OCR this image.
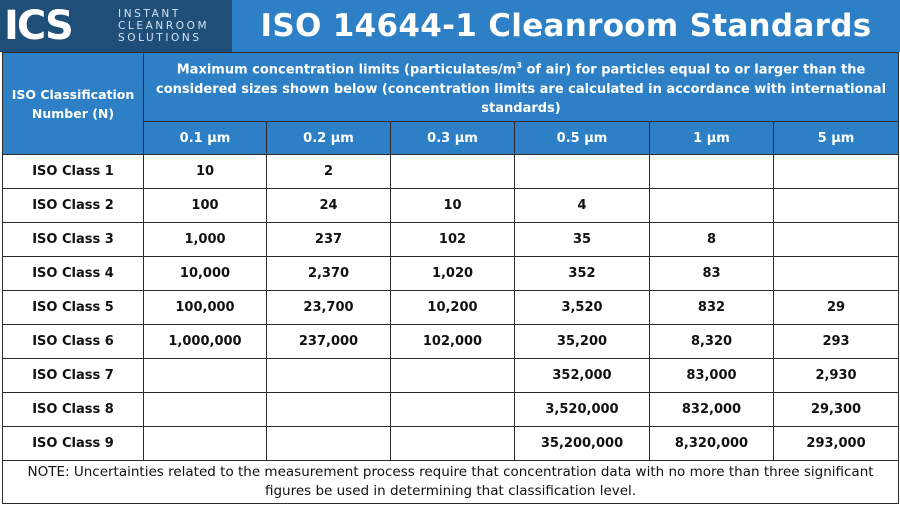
ICS	INSTANT
CLEANROOM
SOLUTIONS	ISO 14644-1 Cleanroom Standards
ISO Classification
Number (N)	Maximum concentration limits ($particulates/m^3$ of air) for particles equal to or larger than the considered sizes shown below (concentration limits are calculated in accordance with international standards)					
	0.1 µm	0.2 µm	0.3 µm	0.5 µm	1 µm	5 µm
ISO Class 1	10	2				
ISO Class 2	100	24	10	4		
ISO Class 3	1,000	237	102	35	8	
ISO Class 4	10,000	2,370	1,020	352	83	
ISO Class 5	100,000	23,700	10,200	3,520	832	29
ISO Class 6	1,000,000	237,000	102,000	35,200	8,320	293
ISO Class 7				352,000	83,000	2,930
ISO Class 8				3,520,000	832,000	29,300
ISO Class 9				35,200,000	8,320,000	293,000
NOTE: Uncertainties related to the measurement process require that concentration data with no more than three significant figures be used in determining that classification level.						
